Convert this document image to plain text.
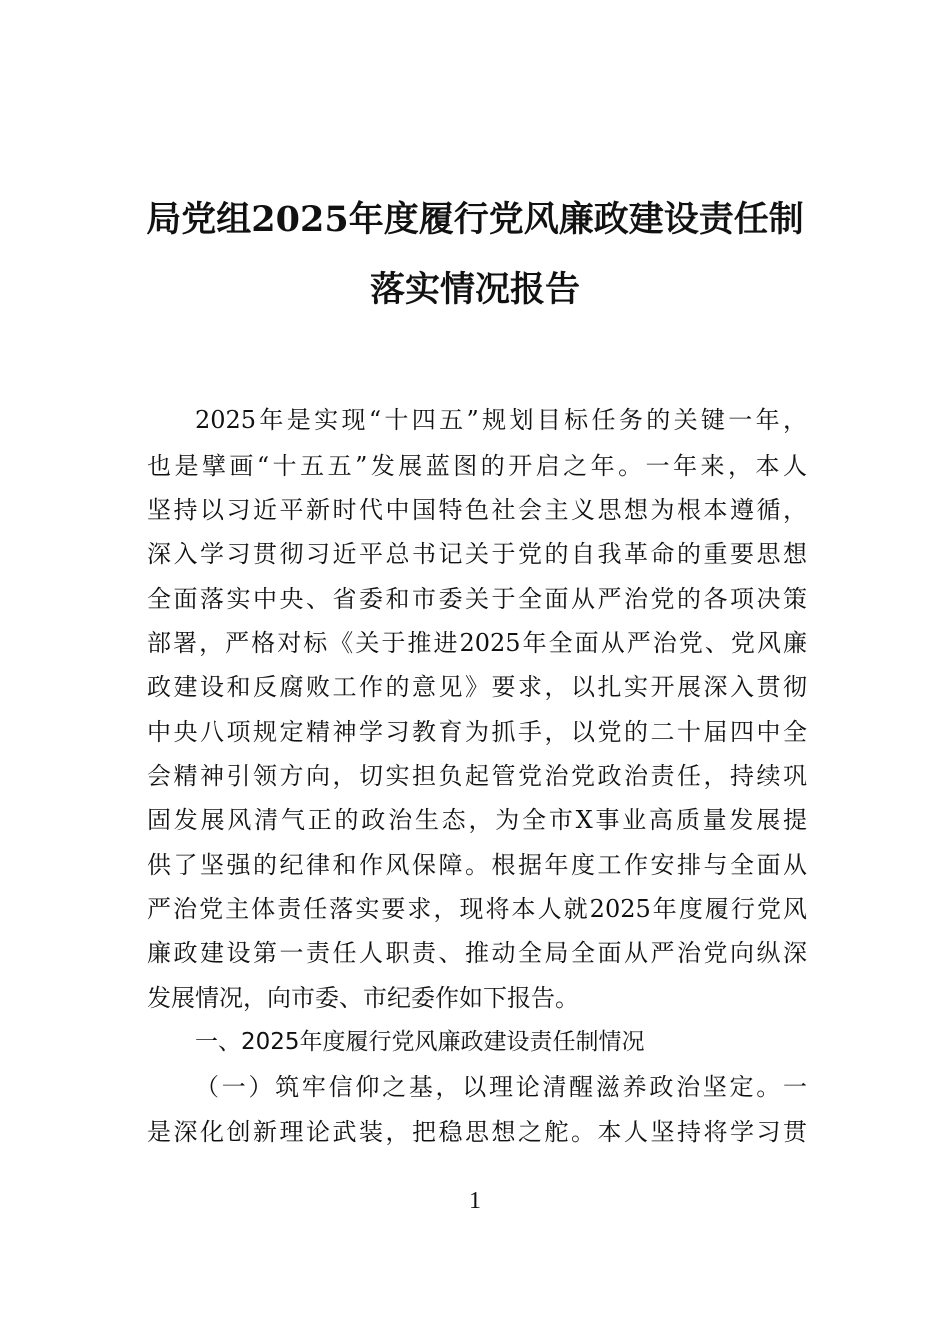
局党组2025年度履行党风廉政建设责任制
落实情况报告
2025年是实现“十四五”规划目标任务的关键一年，
也是擘画“十五五”发展蓝图的开启之年。一年来，本人
坚持以习近平新时代中国特色社会主义思想为根本遵循，
深入学习贯彻习近平总书记关于党的自我革命的重要思想
全面落实中央、省委和市委关于全面从严治党的各项决策
部署，严格对标《关于推进2025年全面从严治党、党风廉
政建设和反腐败工作的意见》要求，以扎实开展深入贯彻
中央八项规定精神学习教育为抓手，以党的二十届四中全
会精神引领方向，切实担负起管党治党政治责任，持续巩
固发展风清气正的政治生态，为全市X事业高质量发展提
供了坚强的纪律和作风保障。根据年度工作安排与全面从
严治党主体责任落实要求，现将本人就2025年度履行党风
廉政建设第一责任人职责、推动全局全面从严治党向纵深
发展情况，向市委、市纪委作如下报告。
一、2025年度履行党风廉政建设责任制情况
（一）筑牢信仰之基，以理论清醒滋养政治坚定。一
是深化创新理论武装，把稳思想之舵。本人坚持将学习贯
1
